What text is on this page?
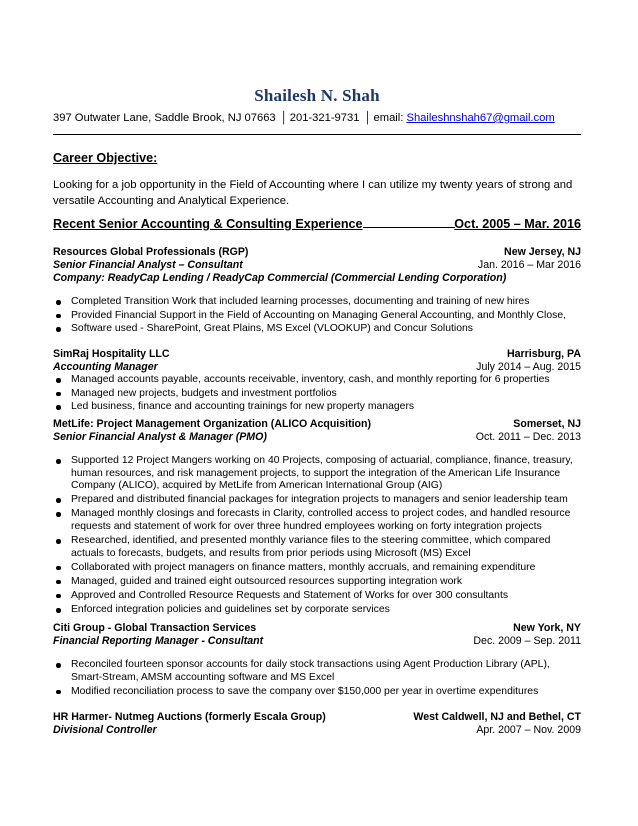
Shailesh N. Shah
397 Outwater Lane, Saddle Brook, NJ 07663 │ 201-321-9731 │ email: Shaileshnshah67@gmail.com
Career Objective:
Looking for a job opportunity in the Field of Accounting where I can utilize my twenty years of strong and versatile Accounting and Analytical Experience.
Recent Senior Accounting & Consulting Experience	Oct. 2005 – Mar. 2016
Resources Global Professionals (RGP)	New Jersey, NJ
Senior Financial Analyst – Consultant	Jan. 2016 – Mar 2016
Company: ReadyCap Lending / ReadyCap Commercial (Commercial Lending Corporation)
Completed Transition Work that included learning processes, documenting and training of new hires
Provided Financial Support in the Field of Accounting on Managing General Accounting, and Monthly Close,
Software used - SharePoint, Great Plains, MS Excel (VLOOKUP) and Concur Solutions
SimRaj Hospitality LLC	Harrisburg, PA
Accounting Manager	July 2014 – Aug. 2015
Managed accounts payable, accounts receivable, inventory, cash, and monthly reporting for 6 properties
Managed new projects, budgets and investment portfolios
Led business, finance and accounting trainings for new property managers
MetLife: Project Management Organization (ALICO Acquisition)	Somerset, NJ
Senior Financial Analyst & Manager (PMO)	Oct. 2011 – Dec. 2013
Supported 12 Project Mangers working on 40 Projects, composing of actuarial, compliance, finance, treasury, human resources, and risk management projects, to support the integration of the American Life Insurance Company (ALICO), acquired by MetLife from American International Group (AIG)
Prepared and distributed financial packages for integration projects to managers and senior leadership team
Managed monthly closings and forecasts in Clarity, controlled access to project codes, and handled resource requests and statement of work for over three hundred employees working on forty integration projects
Researched, identified, and presented monthly variance files to the steering committee, which compared actuals to forecasts, budgets, and results from prior periods using Microsoft (MS) Excel
Collaborated with project managers on finance matters, monthly accruals, and remaining expenditure
Managed, guided and trained eight outsourced resources supporting integration work
Approved and Controlled Resource Requests and Statement of Works for over 300 consultants
Enforced integration policies and guidelines set by corporate services
Citi Group - Global Transaction Services	New York, NY
Financial Reporting Manager - Consultant	Dec. 2009 – Sep. 2011
Reconciled fourteen sponsor accounts for daily stock transactions using Agent Production Library (APL), Smart-Stream, AMSM accounting software and MS Excel
Modified reconciliation process to save the company over $150,000 per year in overtime expenditures
HR Harmer- Nutmeg Auctions (formerly Escala Group)	West Caldwell, NJ and Bethel, CT
Divisional Controller	Apr. 2007 – Nov. 2009
